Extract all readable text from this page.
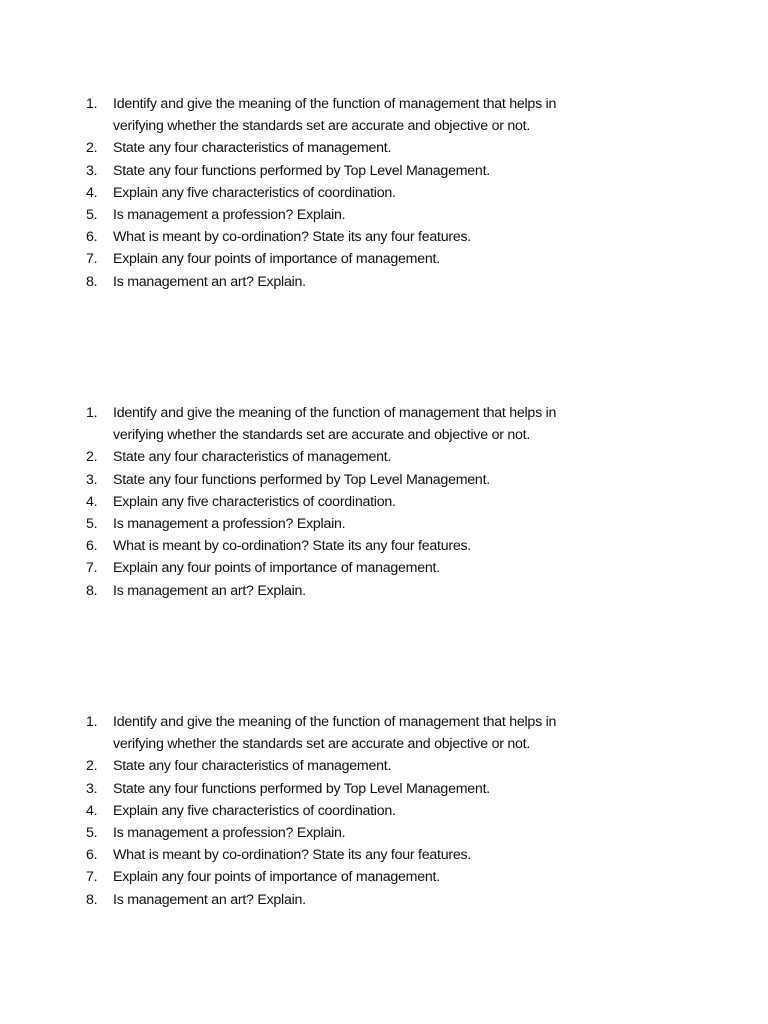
1.	Identify and give the meaning of the function of management that helps in
verifying whether the standards set are accurate and objective or not.
2.	State any four characteristics of management.
3.	State any four functions performed by Top Level Management.
4.	Explain any five characteristics of coordination.
5.	Is management a profession? Explain.
6.	What is meant by co-ordination? State its any four features.
7.	Explain any four points of importance of management.
8.	Is management an art? Explain.
1.	Identify and give the meaning of the function of management that helps in
verifying whether the standards set are accurate and objective or not.
2.	State any four characteristics of management.
3.	State any four functions performed by Top Level Management.
4.	Explain any five characteristics of coordination.
5.	Is management a profession? Explain.
6.	What is meant by co-ordination? State its any four features.
7.	Explain any four points of importance of management.
8.	Is management an art? Explain.
1.	Identify and give the meaning of the function of management that helps in
verifying whether the standards set are accurate and objective or not.
2.	State any four characteristics of management.
3.	State any four functions performed by Top Level Management.
4.	Explain any five characteristics of coordination.
5.	Is management a profession? Explain.
6.	What is meant by co-ordination? State its any four features.
7.	Explain any four points of importance of management.
8.	Is management an art? Explain.
